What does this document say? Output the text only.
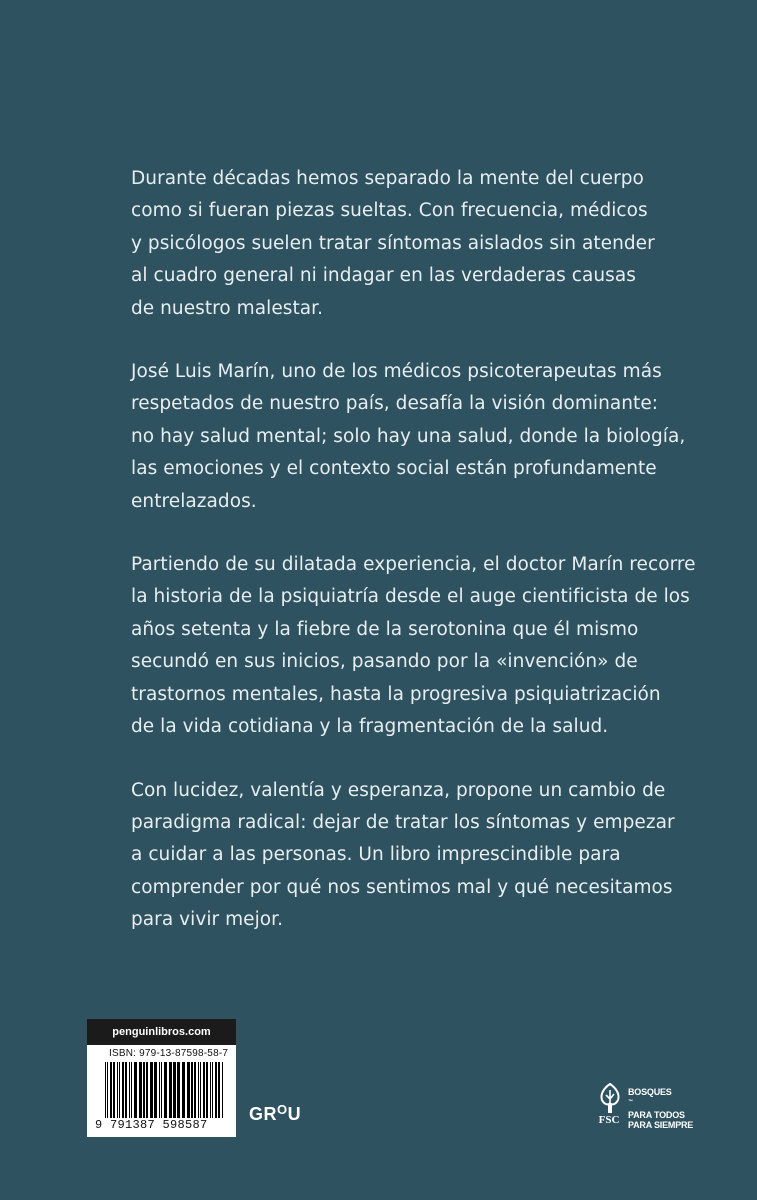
Durante décadas hemos separado la mente del cuerpo
como si fueran piezas sueltas. Con frecuencia, médicos
y psicólogos suelen tratar síntomas aislados sin atender
al cuadro general ni indagar en las verdaderas causas
de nuestro malestar.

José Luis Marín, uno de los médicos psicoterapeutas más
respetados de nuestro país, desafía la visión dominante:
no hay salud mental; solo hay una salud, donde la biología,
las emociones y el contexto social están profundamente
entrelazados.

Partiendo de su dilatada experiencia, el doctor Marín recorre
la historia de la psiquiatría desde el auge cientificista de los
años setenta y la fiebre de la serotonina que él mismo
secundó en sus inicios, pasando por la «invención» de
trastornos mentales, hasta la progresiva psiquiatrización
de la vida cotidiana y la fragmentación de la salud.

Con lucidez, valentía y esperanza, propone un cambio de
paradigma radical: dejar de tratar los síntomas y empezar
a cuidar a las personas. Un libro imprescindible para
comprender por qué nos sentimos mal y qué necesitamos
para vivir mejor.

penguinlibros.com
ISBN: 979-13-87598-58-7
9 791387 598587
GROU	FSC
BOSQUES
™
PARA TODOS
PARA SIEMPRE
